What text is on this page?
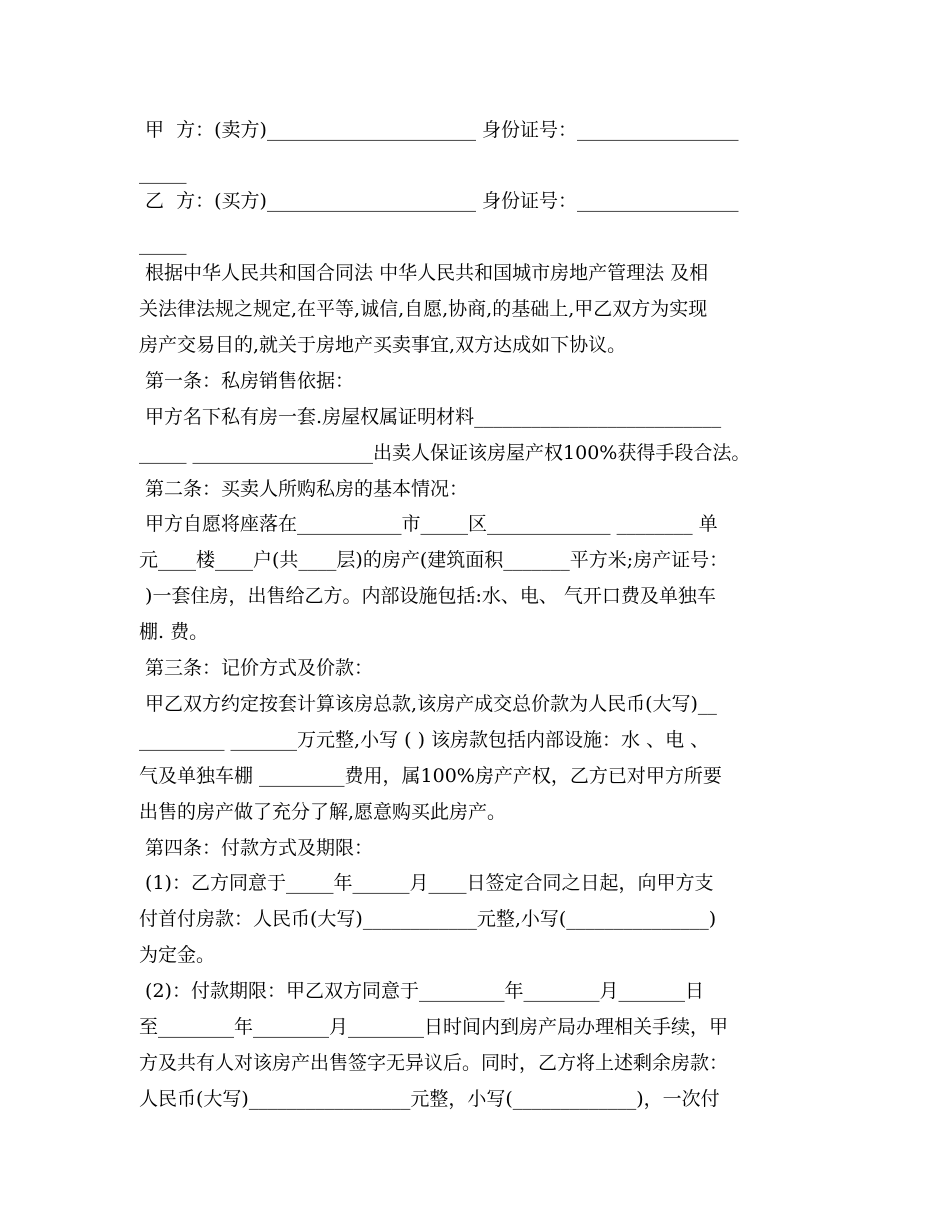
甲  方：(卖方)______________________ 身份证号：_________________
_____
乙  方：(买方)______________________ 身份证号：_________________
_____
根据中华人民共和国合同法 中华人民共和国城市房地产管理法 及相
关法律法规之规定,在平等,诚信,自愿,协商,的基础上,甲乙双方为实现
房产交易目的,就关于房地产买卖事宜,双方达成如下协议。
第一条：私房销售依据：
甲方名下私有房一套.房屋权属证明材料__________________________
_____ ___________________出卖人保证该房屋产权100%获得手段合法。
第二条：买卖人所购私房的基本情况：
甲方自愿将座落在___________市_____区_____________ ________ 单
元____楼____户(共____层)的房产(建筑面积_______平方米;房产证号：
)一套住房，出售给乙方。内部设施包括:水、电、 气开口费及单独车
棚. 费。
第三条：记价方式及价款：
甲乙双方约定按套计算该房总款,该房产成交总价款为人民币(大写)__
_________ _______万元整,小写 ( ) 该房款包括内部设施：水 、电 、
气及单独车棚 _________费用，属100%房产产权，乙方已对甲方所要
出售的房产做了充分了解,愿意购买此房产。
第四条：付款方式及期限：
(1)：乙方同意于_____年______月____日签定合同之日起，向甲方支
付首付房款：人民币(大写)____________元整,小写(_______________)
为定金。
(2)：付款期限：甲乙双方同意于_________年________月_______日
至________年________月________日时间内到房产局办理相关手续，甲
方及共有人对该房产出售签字无异议后。同时，乙方将上述剩余房款：
人民币(大写)_________________元整，小写(_____________)，一次付
